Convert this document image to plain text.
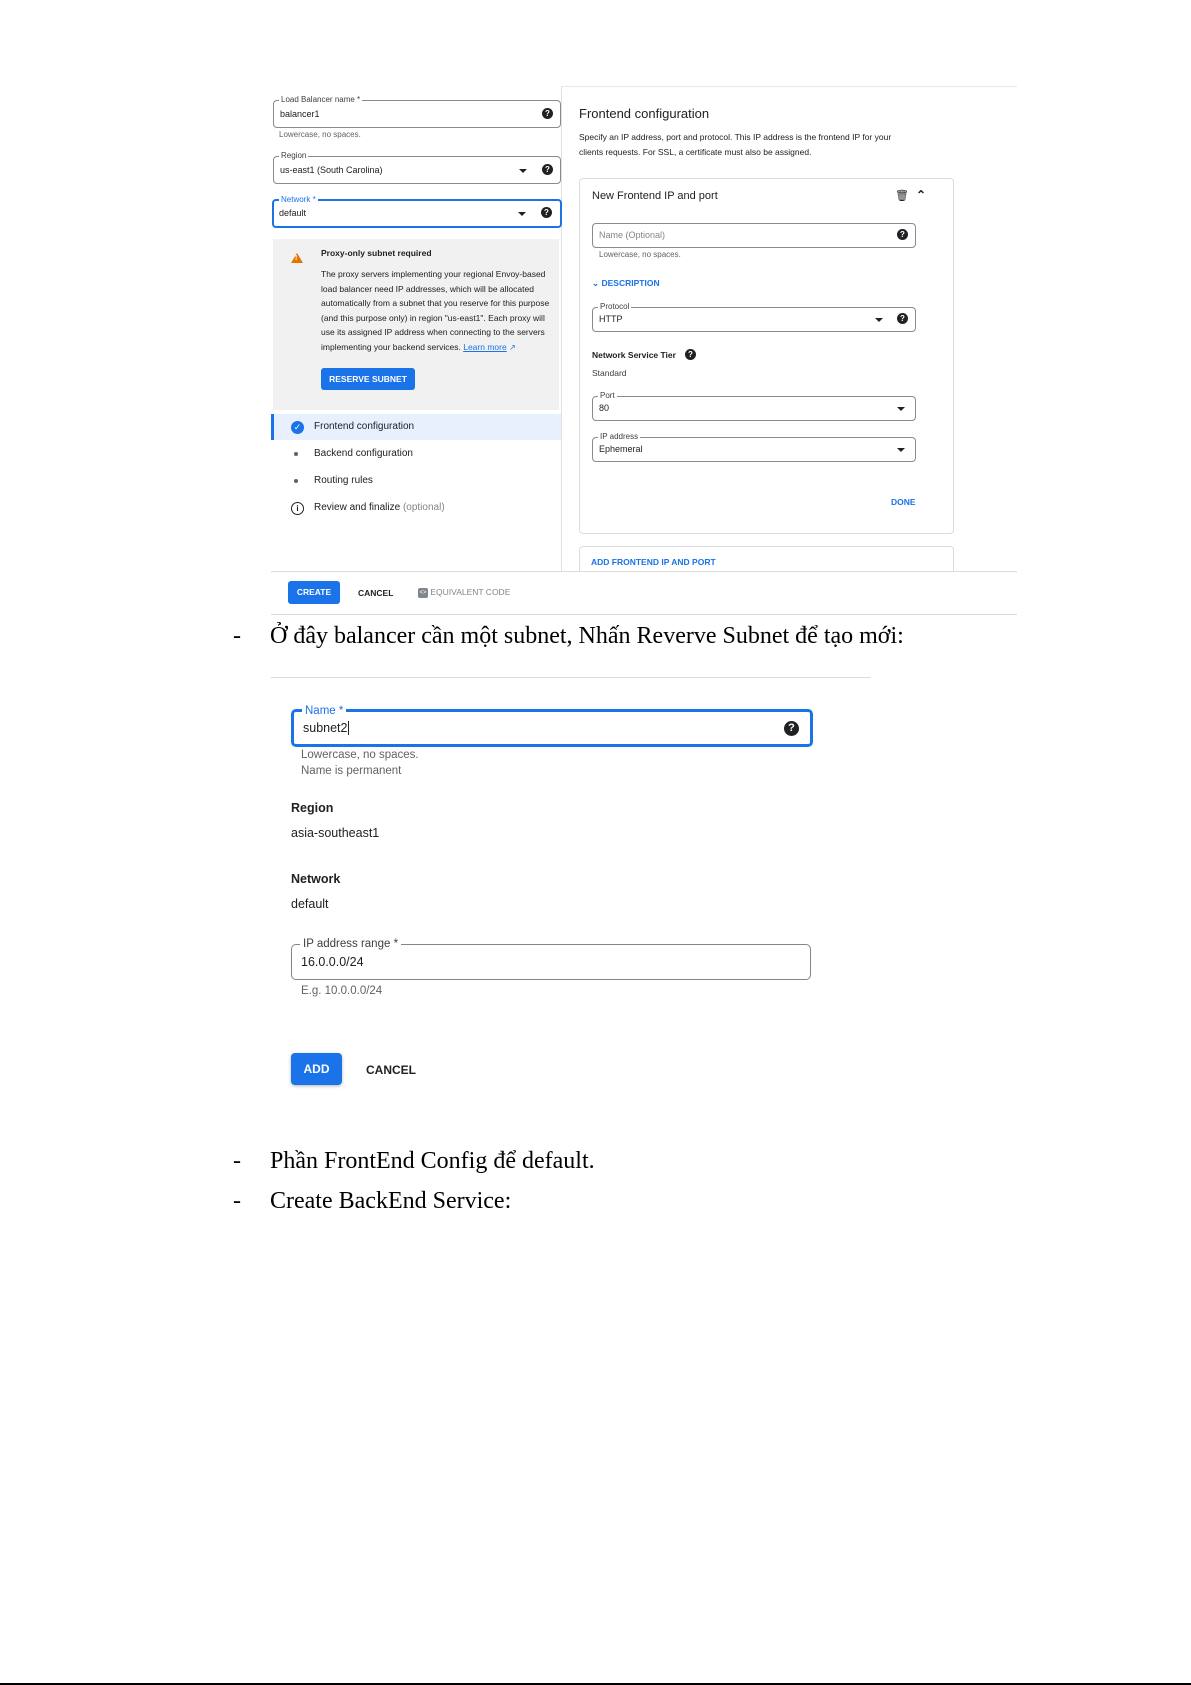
Load Balancer name *
balancer1	?
Lowercase, no spaces.
Region
us-east1 (South Carolina)	?
Network *
default	?
!
Proxy-only subnet required
The proxy servers implementing your regional Envoy-based load balancer need IP addresses, which will be allocated automatically from a subnet that you reserve for this purpose (and this purpose only) in region "us-east1". Each proxy will use its assigned IP address when connecting to the servers implementing your backend services. Learn more ↗
RESERVE SUBNET
✓ Frontend configuration
Backend configuration
Routing rules
i	Review and finalize (optional)
Frontend configuration
Specify an IP address, port and protocol. This IP address is the frontend IP for your
clients requests. For SSL, a certificate must also be assigned.
New Frontend IP and port	🗑 ⌃
Name (Optional)	?
Lowercase, no spaces.
⌄ DESCRIPTION
Protocol
HTTP	?
Network Service Tier	?
Standard
Port
80
IP address
Ephemeral
DONE
ADD FRONTEND IP AND PORT
CREATE	CANCEL	<> EQUIVALENT CODE
- Ở đây balancer cần một subnet, Nhấn Reverve Subnet để tạo mới:
Name *
subnet2	?
Lowercase, no spaces.
Name is permanent
Region
asia-southeast1
Network
default
IP address range *
16.0.0.0/24
E.g. 10.0.0.0/24
ADD	CANCEL
- Phần FrontEnd Config để default.
- Create BackEnd Service:
